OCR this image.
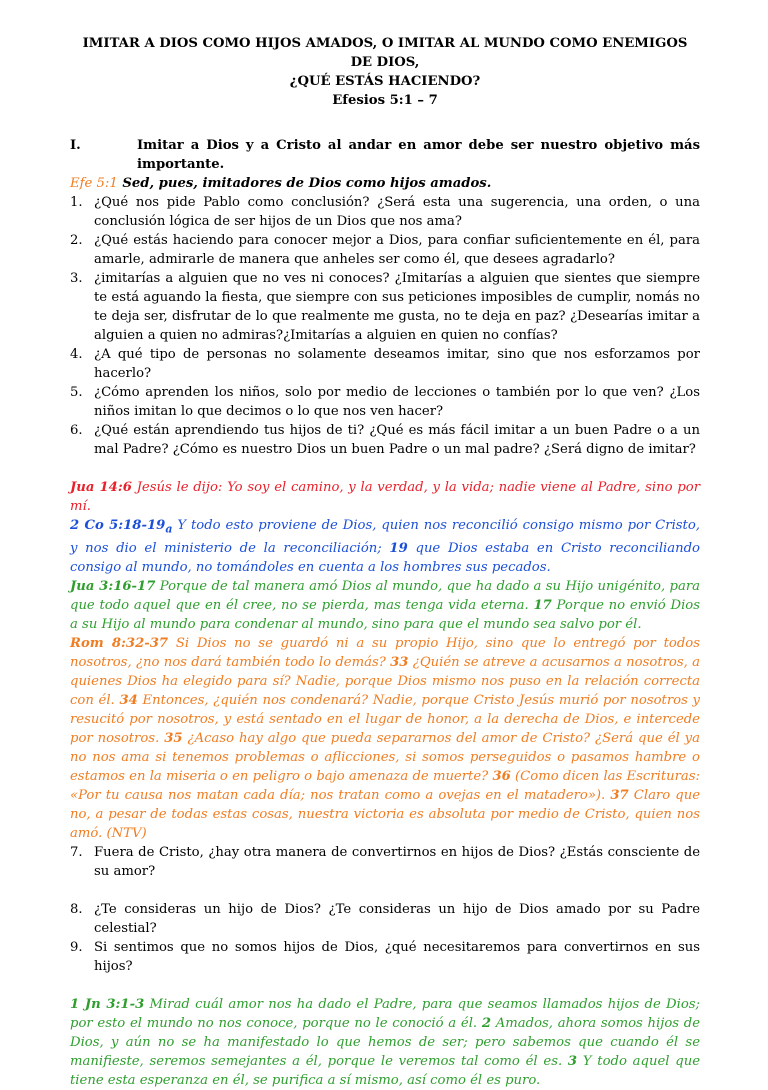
IMITAR A DIOS COMO HIJOS AMADOS, O IMITAR AL MUNDO COMO ENEMIGOS DE DIOS,

¿QUÉ ESTÁS HACIENDO?

Efesios 5:1 – 7

I.	Imitar a Dios y a Cristo al andar en amor debe ser nuestro objetivo más importante.

Efe 5:1 Sed, pues, imitadores de Dios como hijos amados.

1. ¿Qué nos pide Pablo como conclusión? ¿Será esta una sugerencia, una orden, o una conclusión lógica de ser hijos de un Dios que nos ama?
2. ¿Qué estás haciendo para conocer mejor a Dios, para confiar suficientemente en él, para amarle, admirarle de manera que anheles ser como él, que desees agradarlo?
3. ¿imitarías a alguien que no ves ni conoces? ¿Imitarías a alguien que sientes que siempre te está aguando la fiesta, que siempre con sus peticiones imposibles de cumplir, nomás no te deja ser, disfrutar de lo que realmente me gusta, no te deja en paz? ¿Desearías imitar a alguien a quien no admiras?¿Imitarías a alguien en quien no confías?
4. ¿A qué tipo de personas no solamente deseamos imitar, sino que nos esforzamos por hacerlo?
5. ¿Cómo aprenden los niños, solo por medio de lecciones o también por lo que ven? ¿Los niños imitan lo que decimos o lo que nos ven hacer?
6. ¿Qué están aprendiendo tus hijos de ti? ¿Qué es más fácil imitar a un buen Padre o a un mal Padre? ¿Cómo es nuestro Dios un buen Padre o un mal padre? ¿Será digno de imitar?

Jua 14:6 Jesús le dijo: Yo soy el camino, y la verdad, y la vida; nadie viene al Padre, sino por mí.

2 Co $5:18-19_a$ Y todo esto proviene de Dios, quien nos reconcilió consigo mismo por Cristo, y nos dio el ministerio de la reconciliación; 19 que Dios estaba en Cristo reconciliando consigo al mundo, no tomándoles en cuenta a los hombres sus pecados.

Jua 3:16-17 Porque de tal manera amó Dios al mundo, que ha dado a su Hijo unigénito, para que todo aquel que en él cree, no se pierda, mas tenga vida eterna. 17 Porque no envió Dios a su Hijo al mundo para condenar al mundo, sino para que el mundo sea salvo por él.

Rom 8:32-37 Si Dios no se guardó ni a su propio Hijo, sino que lo entregó por todos nosotros, ¿no nos dará también todo lo demás? 33 ¿Quién se atreve a acusarnos a nosotros, a quienes Dios ha elegido para sí? Nadie, porque Dios mismo nos puso en la relación correcta con él. 34 Entonces, ¿quién nos condenará? Nadie, porque Cristo Jesús murió por nosotros y resucitó por nosotros, y está sentado en el lugar de honor, a la derecha de Dios, e intercede por nosotros. 35 ¿Acaso hay algo que pueda separarnos del amor de Cristo? ¿Será que él ya no nos ama si tenemos problemas o aflicciones, si somos perseguidos o pasamos hambre o estamos en la miseria o en peligro o bajo amenaza de muerte? 36 (Como dicen las Escrituras: «Por tu causa nos matan cada día; nos tratan como a ovejas en el matadero»). 37 Claro que no, a pesar de todas estas cosas, nuestra victoria es absoluta por medio de Cristo, quien nos amó. (NTV)

7. Fuera de Cristo, ¿hay otra manera de convertirnos en hijos de Dios? ¿Estás consciente de su amor?
8. ¿Te consideras un hijo de Dios? ¿Te consideras un hijo de Dios amado por su Padre celestial?
9. Si sentimos que no somos hijos de Dios, ¿qué necesitaremos para convertirnos en sus hijos?

1 Jn 3:1-3 Mirad cuál amor nos ha dado el Padre, para que seamos llamados hijos de Dios; por esto el mundo no nos conoce, porque no le conoció a él. 2 Amados, ahora somos hijos de Dios, y aún no se ha manifestado lo que hemos de ser; pero sabemos que cuando él se manifieste, seremos semejantes a él, porque le veremos tal como él es. 3 Y todo aquel que tiene esta esperanza en él, se purifica a sí mismo, así como él es puro.
